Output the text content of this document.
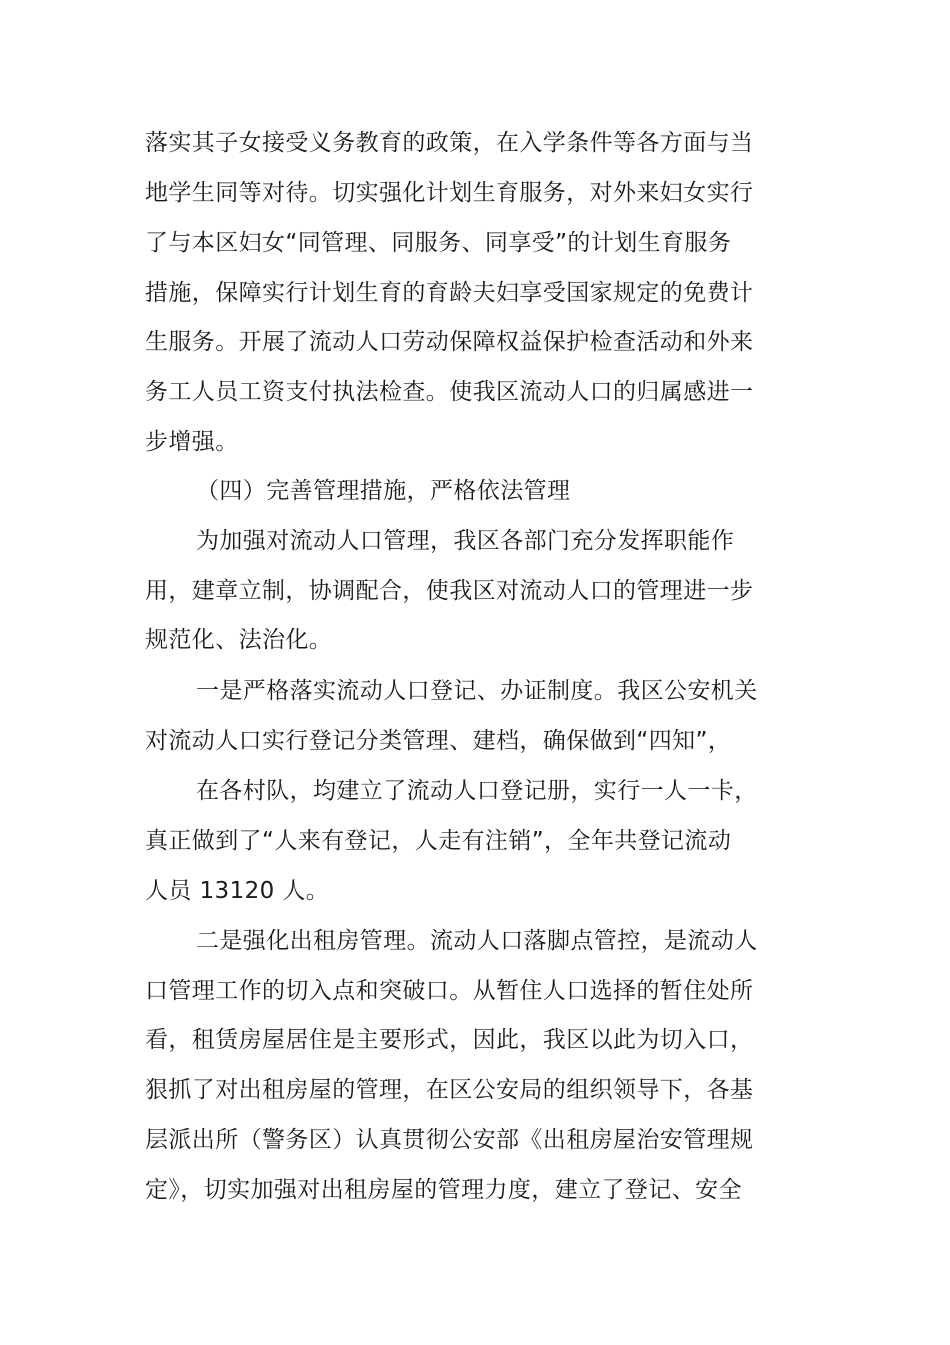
落实其子女接受义务教育的政策，在入学条件等各方面与当
地学生同等对待。切实强化计划生育服务，对外来妇女实行
了与本区妇女“同管理、同服务、同享受”的计划生育服务
措施，保障实行计划生育的育龄夫妇享受国家规定的免费计
生服务。开展了流动人口劳动保障权益保护检查活动和外来
务工人员工资支付执法检查。使我区流动人口的归属感进一
步增强。
（四）完善管理措施，严格依法管理
为加强对流动人口管理，我区各部门充分发挥职能作
用，建章立制，协调配合，使我区对流动人口的管理进一步
规范化、法治化。
一是严格落实流动人口登记、办证制度。我区公安机关
对流动人口实行登记分类管理、建档，确保做到“四知”，
在各村队，均建立了流动人口登记册，实行一人一卡，
真正做到了“人来有登记，人走有注销”，全年共登记流动
人员 13120 人。
二是强化出租房管理。流动人口落脚点管控，是流动人
口管理工作的切入点和突破口。从暂住人口选择的暂住处所
看，租赁房屋居住是主要形式，因此，我区以此为切入口，
狠抓了对出租房屋的管理，在区公安局的组织领导下，各基
层派出所（警务区）认真贯彻公安部《出租房屋治安管理规
定》，切实加强对出租房屋的管理力度，建立了登记、安全
